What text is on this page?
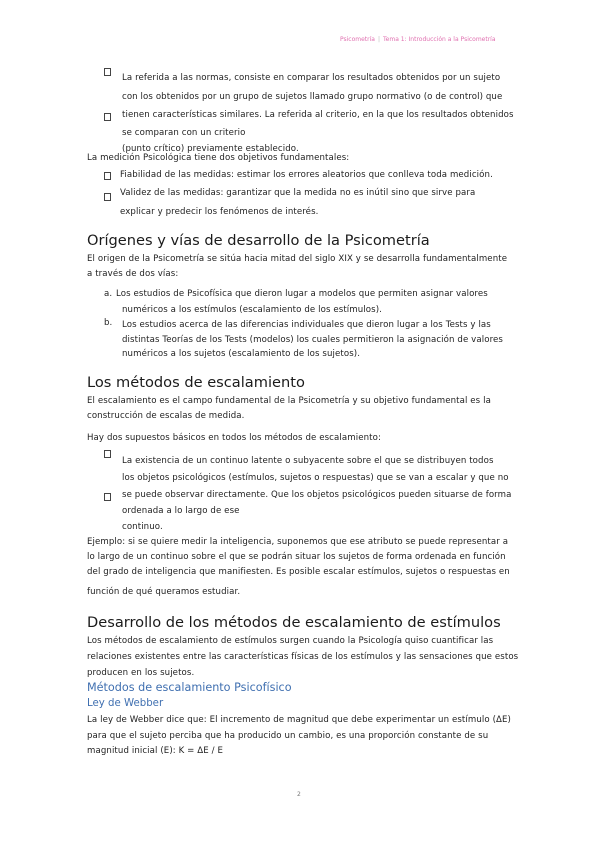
Psicometría | Tema 1: Introducción a la Psicometría
La referida a las normas, consiste en comparar los resultados obtenidos por un sujeto
con los obtenidos por un grupo de sujetos llamado grupo normativo (o de control) que
tienen características similares. La referida al criterio, en la que los resultados obtenidos
se comparan con un criterio
(punto crítico) previamente establecido.
La medición Psicológica tiene dos objetivos fundamentales:
Fiabilidad de las medidas: estimar los errores aleatorios que conlleva toda medición.
Validez de las medidas: garantizar que la medida no es inútil sino que sirve para
explicar y predecir los fenómenos de interés.
Orígenes y vías de desarrollo de la Psicometría
El origen de la Psicometría se sitúa hacia mitad del siglo XIX y se desarrolla fundamentalmente
a través de dos vías:
a. Los estudios de Psicofísica que dieron lugar a modelos que permiten asignar valores
numéricos a los estímulos (escalamiento de los estímulos).
b. Los estudios acerca de las diferencias individuales que dieron lugar a los Tests y las
distintas Teorías de los Tests (modelos) los cuales permitieron la asignación de valores
numéricos a los sujetos (escalamiento de los sujetos).
Los métodos de escalamiento
El escalamiento es el campo fundamental de la Psicometría y su objetivo fundamental es la
construcción de escalas de medida.
Hay dos supuestos básicos en todos los métodos de escalamiento:
La existencia de un continuo latente o subyacente sobre el que se distribuyen todos
los objetos psicológicos (estímulos, sujetos o respuestas) que se van a escalar y que no
se puede observar directamente. Que los objetos psicológicos pueden situarse de forma
ordenada a lo largo de ese
continuo.
Ejemplo: si se quiere medir la inteligencia, suponemos que ese atributo se puede representar a
lo largo de un continuo sobre el que se podrán situar los sujetos de forma ordenada en función
del grado de inteligencia que manifiesten. Es posible escalar estímulos, sujetos o respuestas en
función de qué queramos estudiar.
Desarrollo de los métodos de escalamiento de estímulos
Los métodos de escalamiento de estímulos surgen cuando la Psicología quiso cuantificar las
relaciones existentes entre las características físicas de los estímulos y las sensaciones que estos
producen en los sujetos.
Métodos de escalamiento Psicofísico
Ley de Webber
La ley de Webber dice que: El incremento de magnitud que debe experimentar un estímulo (ΔE)
para que el sujeto perciba que ha producido un cambio, es una proporción constante de su
magnitud inicial (E): K = ΔE / E
2
